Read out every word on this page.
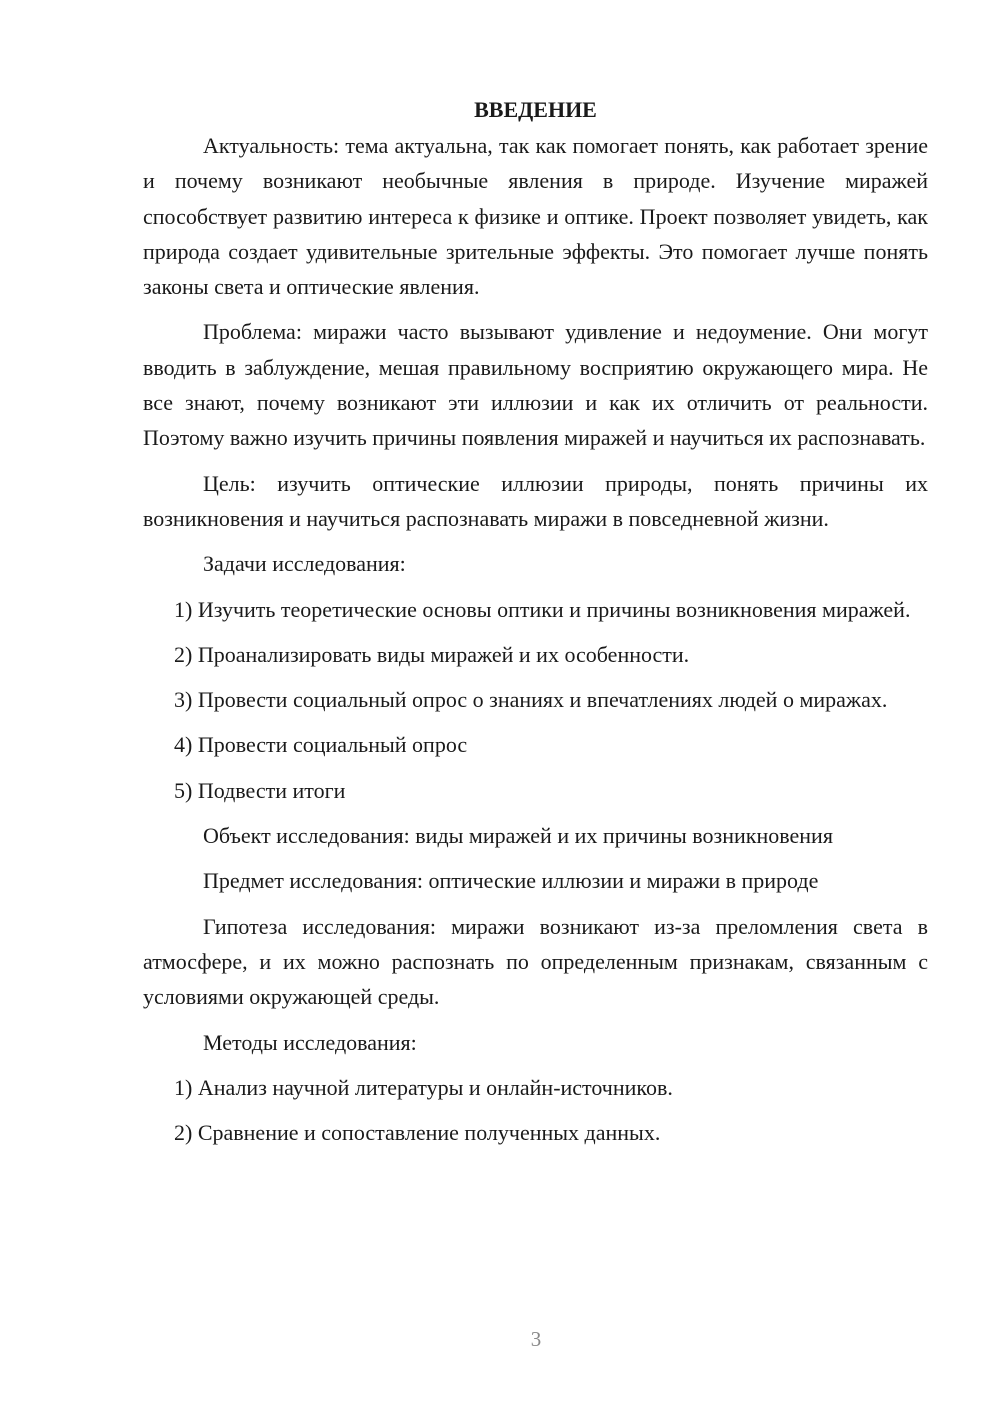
ВВЕДЕНИЕ

Актуальность: тема актуальна, так как помогает понять, как работает зрение и почему возникают необычные явления в природе. Изучение миражей способствует развитию интереса к физике и оптике. Проект позволяет увидеть, как природа создает удивительные зрительные эффекты. Это помогает лучше понять законы света и оптические явления.

Проблема: миражи часто вызывают удивление и недоумение. Они могут вводить в заблуждение, мешая правильному восприятию окружающего мира. Не все знают, почему возникают эти иллюзии и как их отличить от реальности. Поэтому важно изучить причины появления миражей и научиться их распознавать.

Цель: изучить оптические иллюзии природы, понять причины их возникновения и научиться распознавать миражи в повседневной жизни.

Задачи исследования:

1) Изучить теоретические основы оптики и причины возникновения миражей.

2) Проанализировать виды миражей и их особенности.

3) Провести социальный опрос о знаниях и впечатлениях людей о миражах.

4) Провести социальный опрос

5) Подвести итоги

Объект исследования: виды миражей и их причины возникновения

Предмет исследования: оптические иллюзии и миражи в природе

Гипотеза исследования: миражи возникают из-за преломления света в атмосфере, и их можно распознать по определенным признакам, связанным с условиями окружающей среды.

Методы исследования:

1) Анализ научной литературы и онлайн-источников.

2) Сравнение и сопоставление полученных данных.

3
